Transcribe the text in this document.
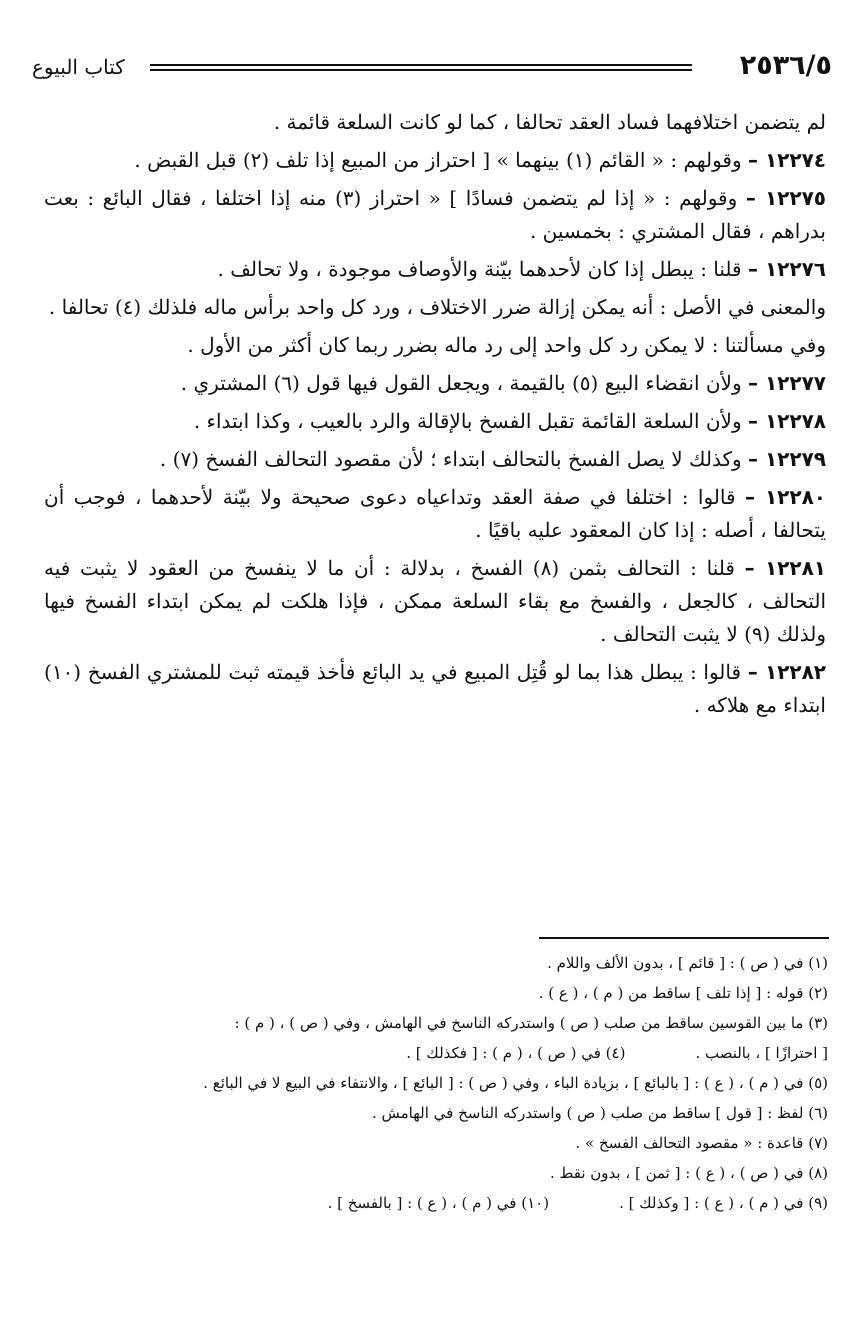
٢٥٣٦/٥
كتاب البيوع

لم يتضمن اختلافهما فساد العقد تحالفا ، كما لو كانت السلعة قائمة .

١٢٢٧٤ – وقولهم : « القائم (١) بينهما » [ احتراز من المبيع إذا تلف (٢) قبل القبض .

١٢٢٧٥ – وقولهم : « إذا لم يتضمن فسادًا ] « احتراز (٣) منه إذا اختلفا ، فقال البائع : بعت بدراهم ، فقال المشتري : بخمسين .

١٢٢٧٦ – قلنا : يبطل إذا كان لأحدهما بيّنة والأوصاف موجودة ، ولا تحالف .

والمعنى في الأصل : أنه يمكن إزالة ضرر الاختلاف ، ورد كل واحد برأس ماله فلذلك (٤) تحالفا .

وفي مسألتنا : لا يمكن رد كل واحد إلى رد ماله بضرر ربما كان أكثر من الأول .

١٢٢٧٧ – ولأن انقضاء البيع (٥) بالقيمة ، ويجعل القول فيها قول (٦) المشتري .

١٢٢٧٨ – ولأن السلعة القائمة تقبل الفسخ بالإقالة والرد بالعيب ، وكذا ابتداء .

١٢٢٧٩ – وكذلك لا يصل الفسخ بالتحالف ابتداء ؛ لأن مقصود التحالف الفسخ (٧) .

١٢٢٨٠ – قالوا : اختلفا في صفة العقد وتداعياه دعوى صحيحة ولا بيّنة لأحدهما ، فوجب أن يتحالفا ، أصله : إذا كان المعقود عليه باقيًا .

١٢٢٨١ – قلنا : التحالف بثمن (٨) الفسخ ، بدلالة : أن ما لا ينفسخ من العقود لا يثبت فيه التحالف ، كالجعل ، والفسخ مع بقاء السلعة ممكن ، فإذا هلكت لم يمكن ابتداء الفسخ فيها ولذلك (٩) لا يثبت التحالف .

١٢٢٨٢ – قالوا : يبطل هذا بما لو قُتِل المبيع في يد البائع فأخذ قيمته ثبت للمشتري الفسخ (١٠) ابتداء مع هلاكه .

(١) في ( ص ) : [ قائم ] ، بدون الألف واللام .

(٢) قوله : [ إذا تلف ] ساقط من ( م ) ، ( ع ) .

(٣) ما بين القوسين ساقط من صلب ( ص ) واستدركه الناسخ في الهامش ، وفي ( ص ) ، ( م ) :

[ احترازًا ] ، بالنصب .(٤) في ( ص ) ، ( م ) : [ فكذلك ] .

(٥) في ( م ) ، ( ع ) : [ بالبائع ] ، بزيادة الباء ، وفي ( ص ) : [ البائع ] ، والانتفاء في البيع لا في البائع .

(٦) لفظ : [ قول ] ساقط من صلب ( ص ) واستدركه الناسخ في الهامش .

(٧) قاعدة : « مقصود التحالف الفسخ » .

(٨) في ( ص ) ، ( ع ) : [ ثمن ] ، بدون نقط .

(٩) في ( م ) ، ( ع ) : [ وكذلك ] .(١٠) في ( م ) ، ( ع ) : [ بالفسخ ] .
